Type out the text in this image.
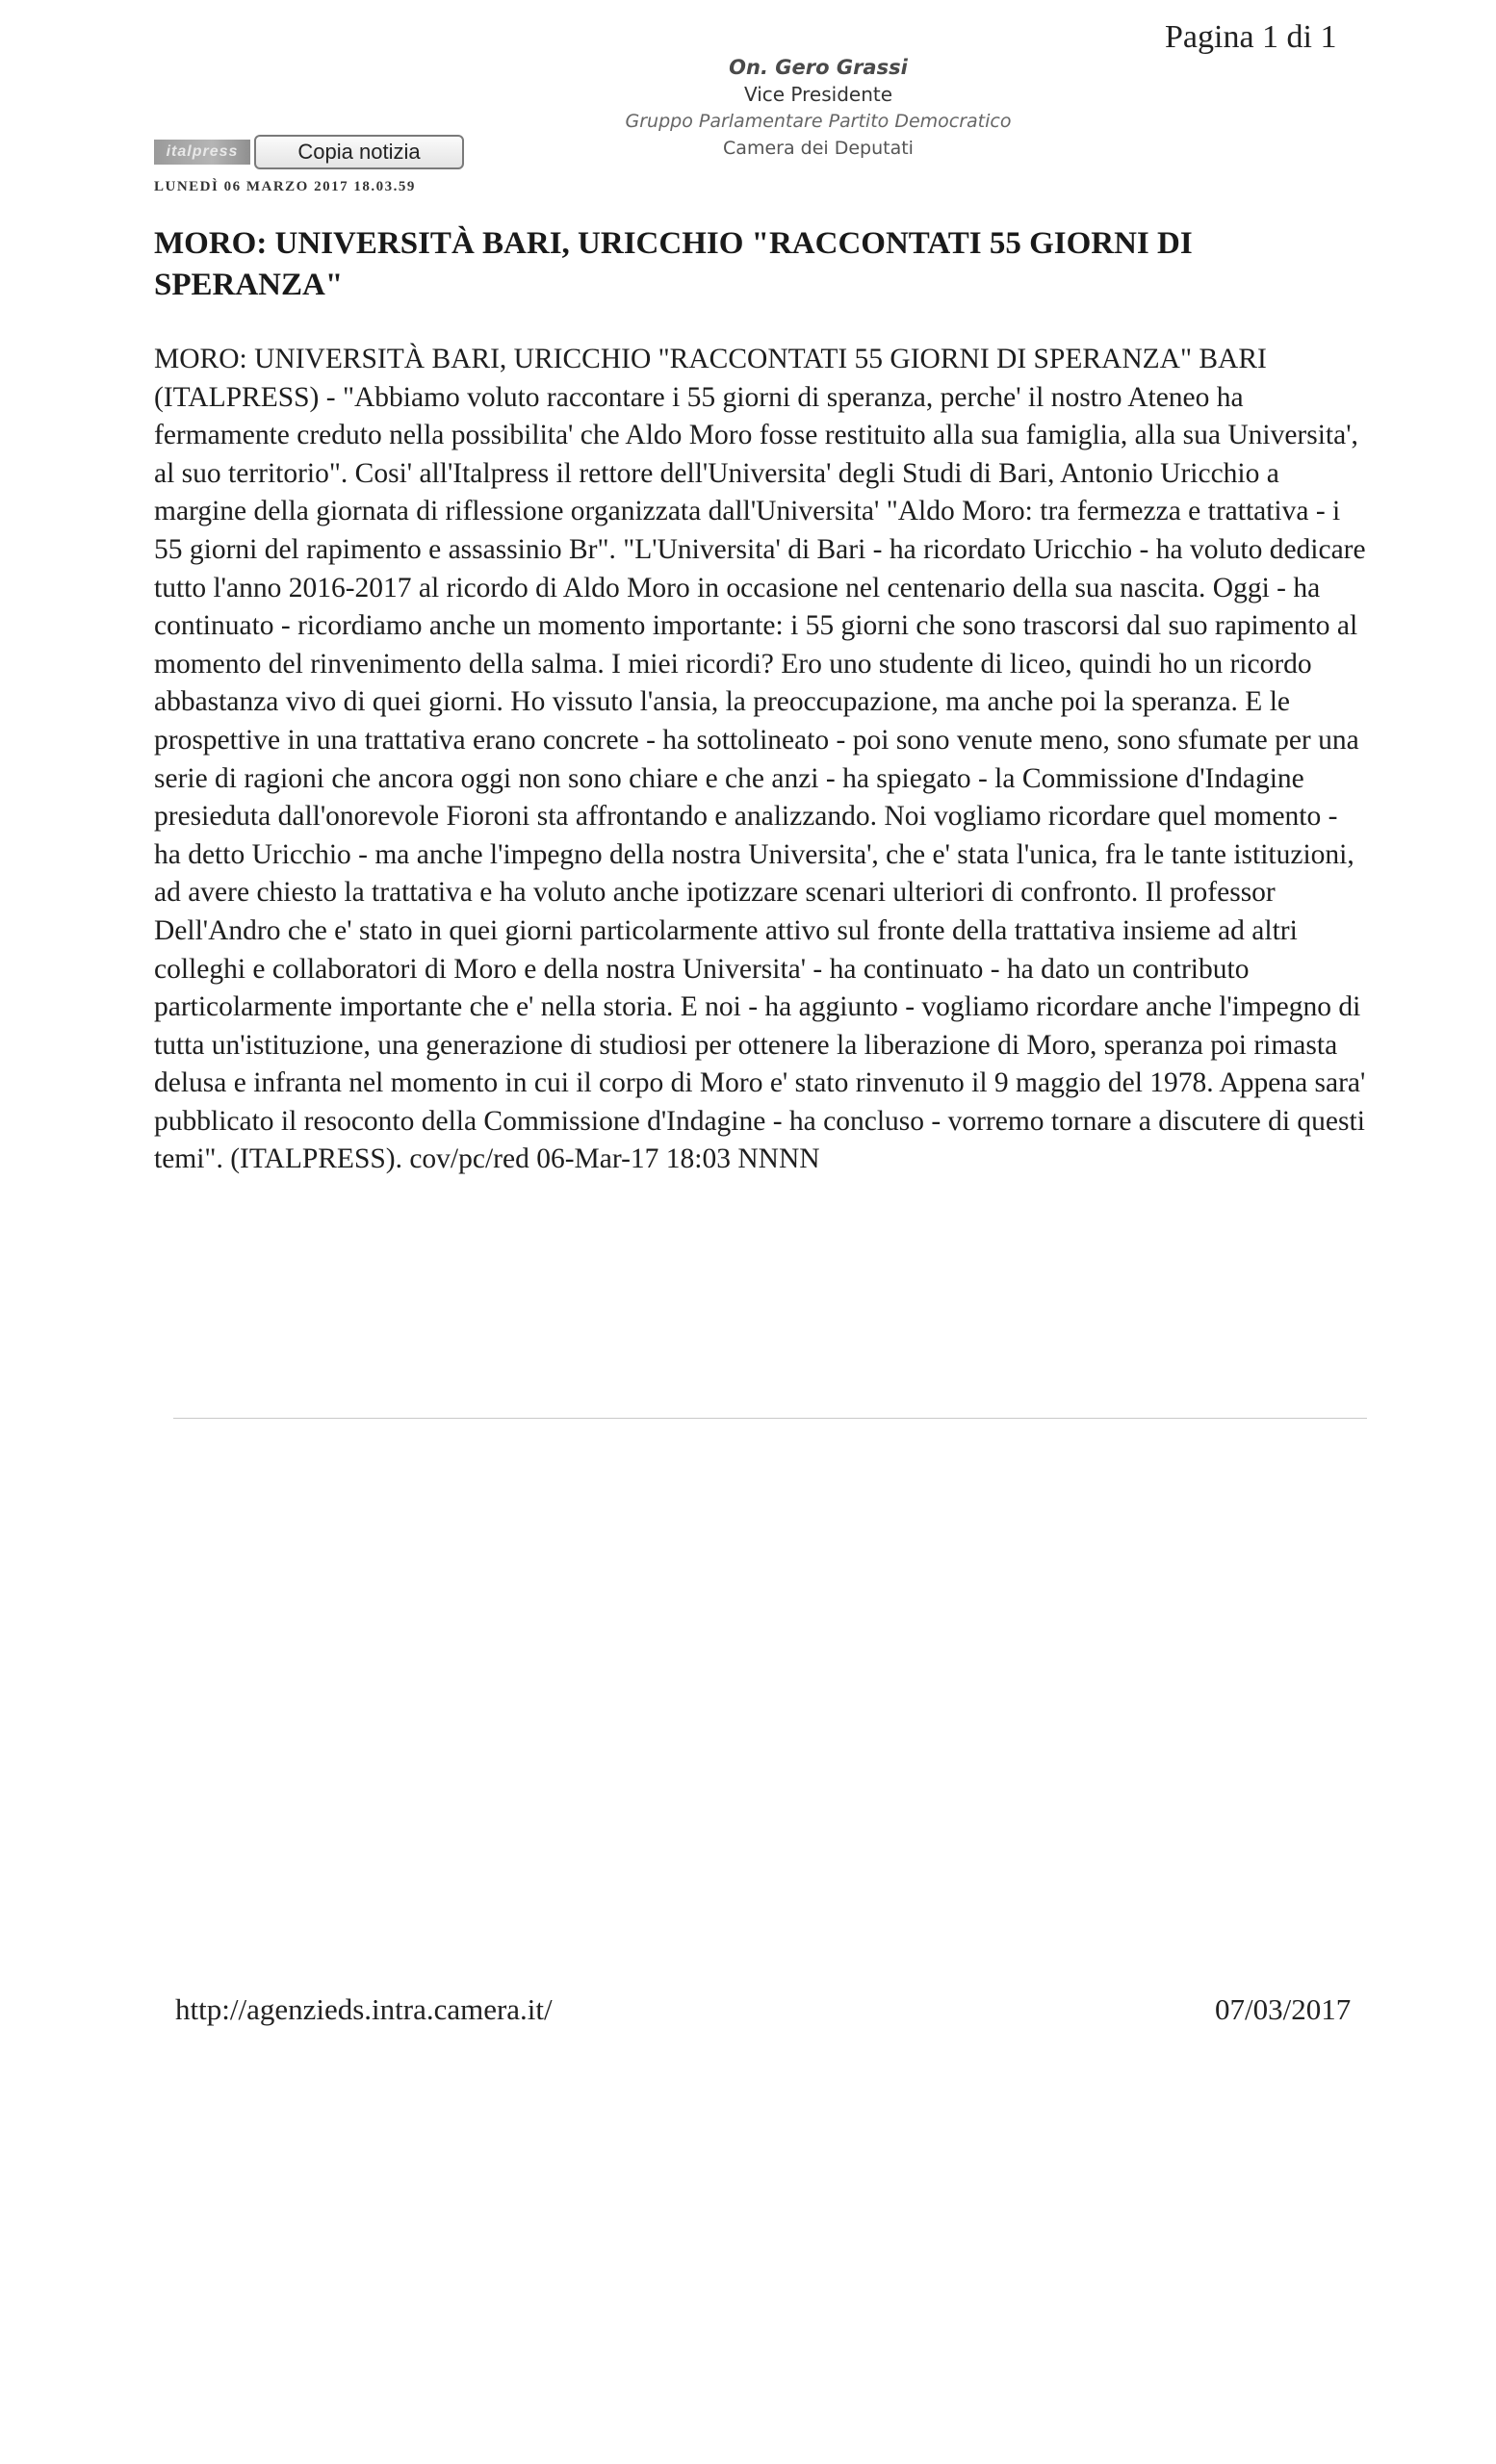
Pagina 1 di 1
On. Gero Grassi
Vice Presidente
Gruppo Parlamentare Partito Democratico
Camera dei Deputati
italpress	Copia notizia
LUNEDÌ 06 MARZO 2017 18.03.59
MORO: UNIVERSITÀ BARI, URICCHIO "RACCONTATI 55 GIORNI DI SPERANZA"

MORO: UNIVERSITÀ BARI, URICCHIO "RACCONTATI 55 GIORNI DI SPERANZA" BARI (ITALPRESS) - "Abbiamo voluto raccontare i 55 giorni di speranza, perche' il nostro Ateneo ha fermamente creduto nella possibilita' che Aldo Moro fosse restituito alla sua famiglia, alla sua Universita', al suo territorio". Cosi' all'Italpress il rettore dell'Universita' degli Studi di Bari, Antonio Uricchio a margine della giornata di riflessione organizzata dall'Universita' "Aldo Moro: tra fermezza e trattativa - i 55 giorni del rapimento e assassinio Br". "L'Universita' di Bari - ha ricordato Uricchio - ha voluto dedicare tutto l'anno 2016-2017 al ricordo di Aldo Moro in occasione nel centenario della sua nascita. Oggi - ha continuato - ricordiamo anche un momento importante: i 55 giorni che sono trascorsi dal suo rapimento al momento del rinvenimento della salma. I miei ricordi? Ero uno studente di liceo, quindi ho un ricordo abbastanza vivo di quei giorni. Ho vissuto l'ansia, la preoccupazione, ma anche poi la speranza. E le prospettive in una trattativa erano concrete - ha sottolineato - poi sono venute meno, sono sfumate per una serie di ragioni che ancora oggi non sono chiare e che anzi - ha spiegato - la Commissione d'Indagine presieduta dall'onorevole Fioroni sta affrontando e analizzando. Noi vogliamo ricordare quel momento - ha detto Uricchio - ma anche l'impegno della nostra Universita', che e' stata l'unica, fra le tante istituzioni, ad avere chiesto la trattativa e ha voluto anche ipotizzare scenari ulteriori di confronto. Il professor Dell'Andro che e' stato in quei giorni particolarmente attivo sul fronte della trattativa insieme ad altri colleghi e collaboratori di Moro e della nostra Universita' - ha continuato - ha dato un contributo particolarmente importante che e' nella storia. E noi - ha aggiunto - vogliamo ricordare anche l'impegno di tutta un'istituzione, una generazione di studiosi per ottenere la liberazione di Moro, speranza poi rimasta delusa e infranta nel momento in cui il corpo di Moro e' stato rinvenuto il 9 maggio del 1978. Appena sara' pubblicato il resoconto della Commissione d'Indagine - ha concluso - vorremo tornare a discutere di questi temi". (ITALPRESS). cov/pc/red 06-Mar-17 18:03 NNNN

http://agenzieds.intra.camera.it/	07/03/2017
